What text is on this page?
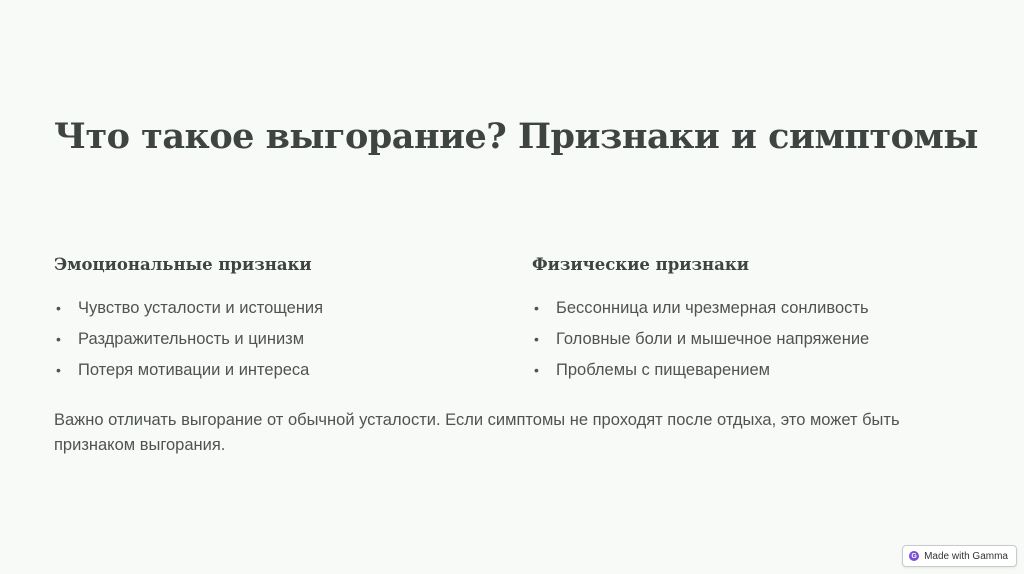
Что такое выгорание? Признаки и симптомы
Эмоциональные признаки
• Чувство усталости и истощения
• Раздражительность и цинизм
• Потеря мотивации и интереса
Физические признаки
• Бессонница или чрезмерная сонливость
• Головные боли и мышечное напряжение
• Проблемы с пищеварением

Важно отличать выгорание от обычной усталости. Если симптомы не проходят после отдыха, это может быть признаком выгорания.

G Made with Gamma
